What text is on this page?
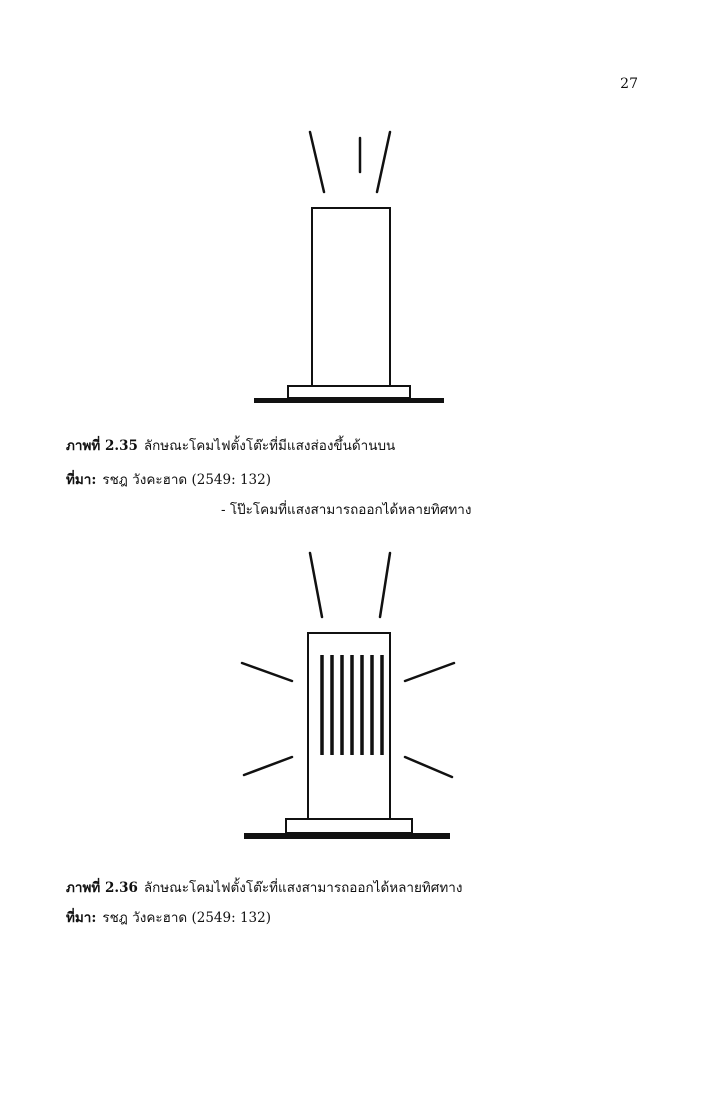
27
ภาพที่ 2.35 ลักษณะโคมไฟตั้งโต๊ะที่มีแสงส่องขึ้นด้านบน
ที่มา: รชฎ วังคะฮาด (2549: 132)
- โป๊ะโคมที่แสงสามารถออกได้หลายทิศทาง
ภาพที่ 2.36 ลักษณะโคมไฟตั้งโต๊ะที่แสงสามารถออกได้หลายทิศทาง
ที่มา: รชฎ วังคะฮาด (2549: 132)
